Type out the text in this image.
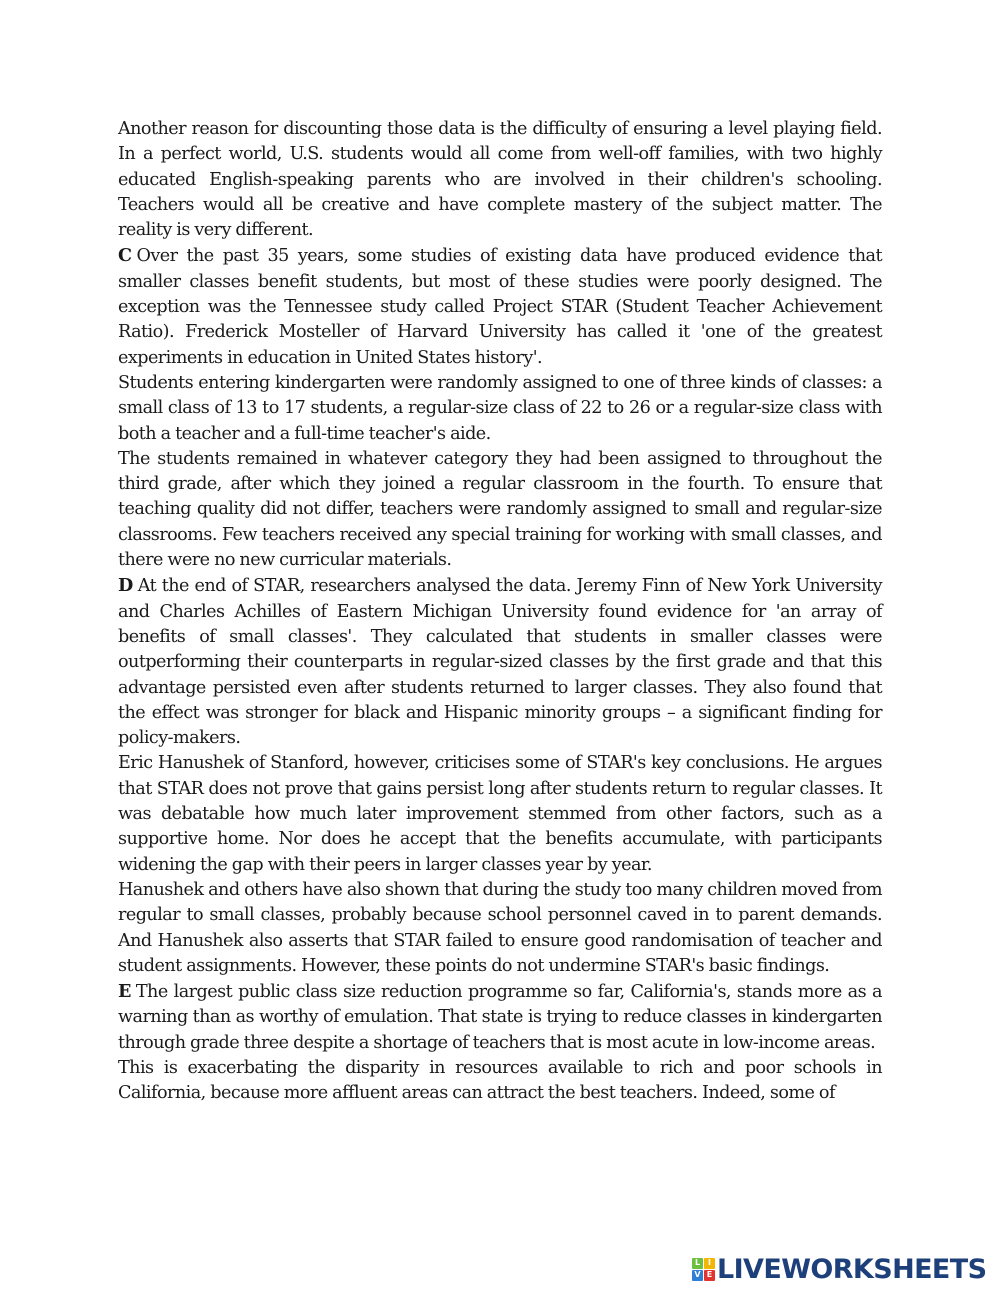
Another reason for discounting those data is the difficulty of ensuring a level playing field. In a perfect world, U.S. students would all come from well-off families, with two highly educated English-speaking parents who are involved in their children's schooling. Teachers would all be creative and have complete mastery of the subject matter. The reality is very different.

C Over the past 35 years, some studies of existing data have produced evidence that smaller classes benefit students, but most of these studies were poorly designed. The exception was the Tennessee study called Project STAR (Student Teacher Achievement Ratio). Frederick Mosteller of Harvard University has called it 'one of the greatest experiments in education in United States history'.

Students entering kindergarten were randomly assigned to one of three kinds of classes: a small class of 13 to 17 students, a regular-size class of 22 to 26 or a regular-size class with both a teacher and a full-time teacher's aide.

The students remained in whatever category they had been assigned to throughout the third grade, after which they joined a regular classroom in the fourth. To ensure that teaching quality did not differ, teachers were randomly assigned to small and regular-size classrooms. Few teachers received any special training for working with small classes, and there were no new curricular materials.

D At the end of STAR, researchers analysed the data. Jeremy Finn of New York University and Charles Achilles of Eastern Michigan University found evidence for 'an array of benefits of small classes'. They calculated that students in smaller classes were outperforming their counterparts in regular-sized classes by the first grade and that this advantage persisted even after students returned to larger classes. They also found that the effect was stronger for black and Hispanic minority groups – a significant finding for policy-makers.

Eric Hanushek of Stanford, however, criticises some of STAR's key conclusions. He argues that STAR does not prove that gains persist long after students return to regular classes. It was debatable how much later improvement stemmed from other factors, such as a supportive home. Nor does he accept that the benefits accumulate, with participants widening the gap with their peers in larger classes year by year.

Hanushek and others have also shown that during the study too many children moved from regular to small classes, probably because school personnel caved in to parent demands. And Hanushek also asserts that STAR failed to ensure good randomisation of teacher and student assignments. However, these points do not undermine STAR's basic findings.

E The largest public class size reduction programme so far, California's, stands more as a warning than as worthy of emulation. That state is trying to reduce classes in kindergarten through grade three despite a shortage of teachers that is most acute in low-income areas.

This is exacerbating the disparity in resources available to rich and poor schools in California, because more affluent areas can attract the best teachers. Indeed, some of

L I
V E LIVEWORKSHEETS
